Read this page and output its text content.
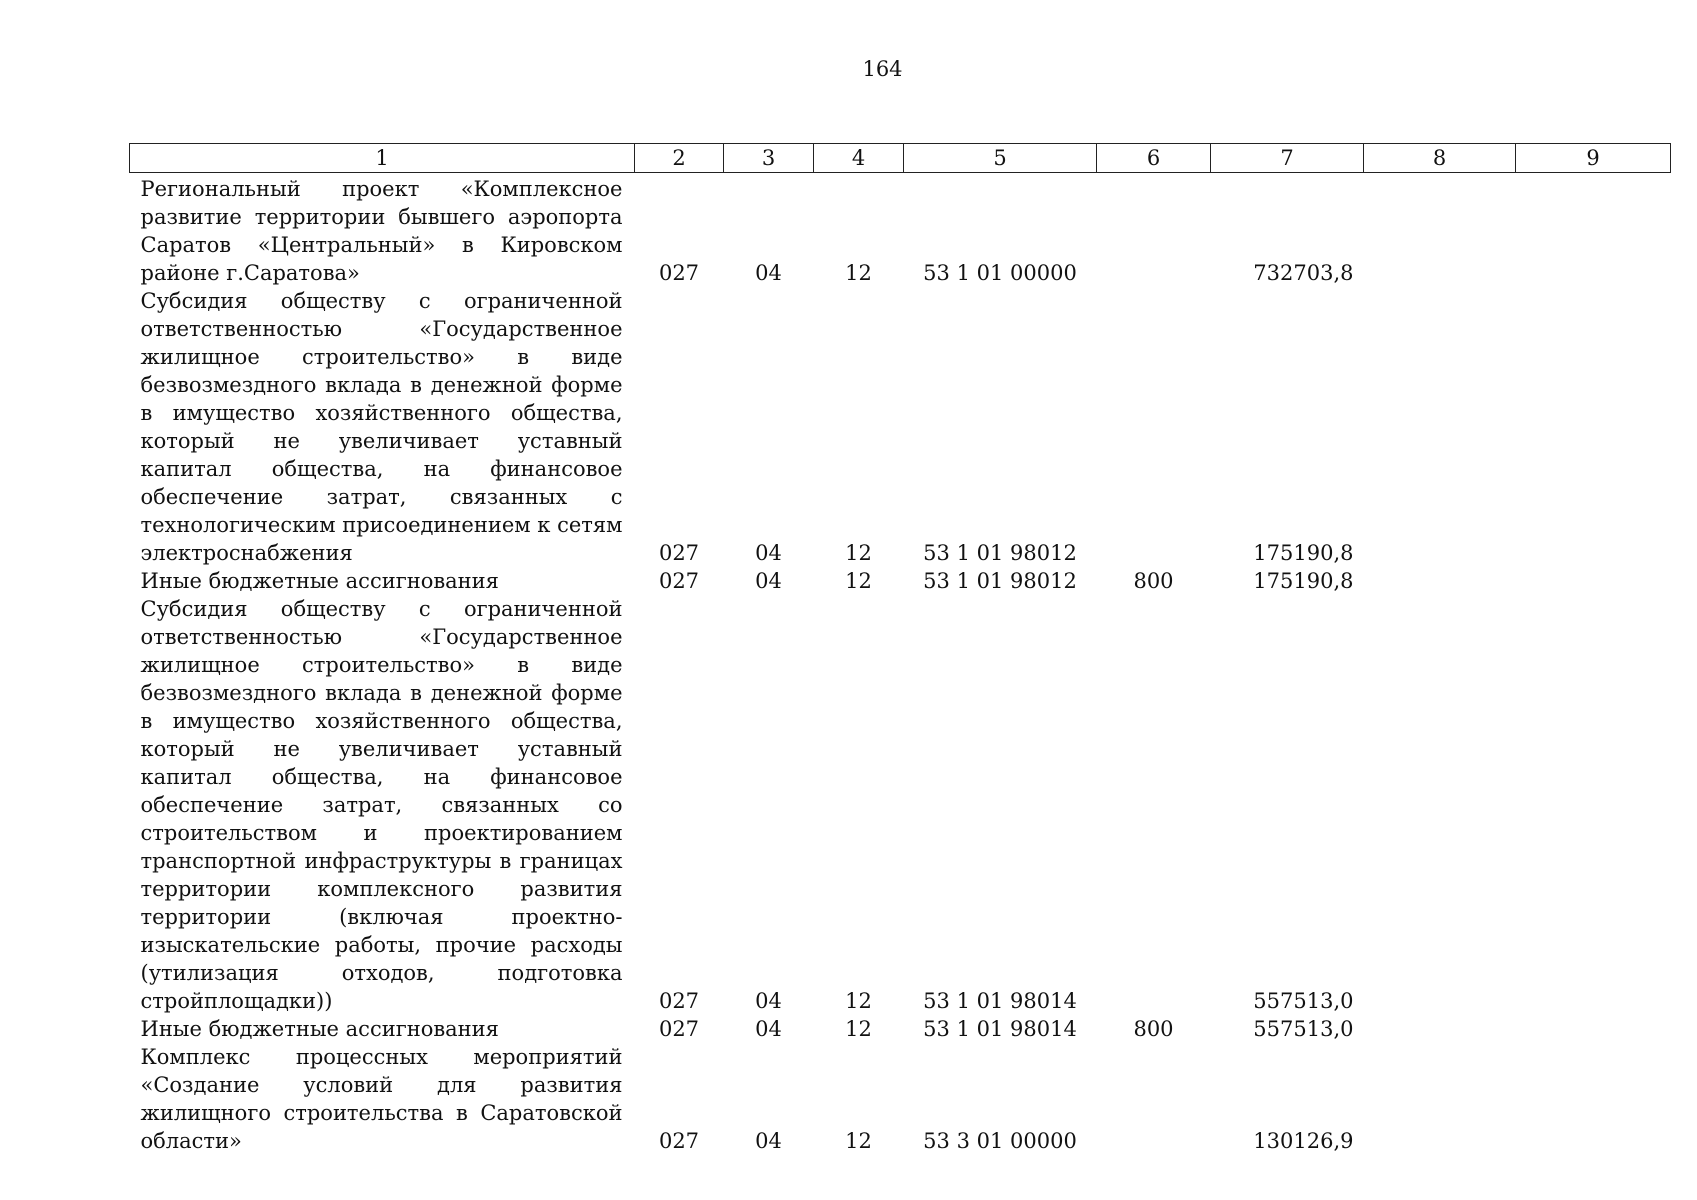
164
1	2	3	4	5	6	7	8	9
Региональный проект «Комплексное развитие территории бывшего аэропорта Саратов «Центральный» в Кировском районе г.Саратова»	027	04	12	53 1 01 00000		732703,8		
Субсидия обществу с ограниченной ответственностью «Государственное жилищное строительство» в виде безвозмездного вклада в денежной форме в имущество хозяйственного общества, который не увеличивает уставный капитал общества, на финансовое обеспечение затрат, связанных с технологическим присоединением к сетям электроснабжения	027	04	12	53 1 01 98012		175190,8		
Иные бюджетные ассигнования	027	04	12	53 1 01 98012	800	175190,8		
Субсидия обществу с ограниченной ответственностью «Государственное жилищное строительство» в виде безвозмездного вклада в денежной форме в имущество хозяйственного общества, который не увеличивает уставный капитал общества, на финансовое обеспечение затрат, связанных со строительством и проектированием транспортной инфраструктуры в границах территории комплексного развития территории (включая проектно-изыскательские работы, прочие расходы (утилизация отходов, подготовка стройплощадки))	027	04	12	53 1 01 98014		557513,0		
Иные бюджетные ассигнования	027	04	12	53 1 01 98014	800	557513,0		
Комплекс процессных мероприятий «Создание условий для развития жилищного строительства в Саратовской области»	027	04	12	53 3 01 00000		130126,9		
